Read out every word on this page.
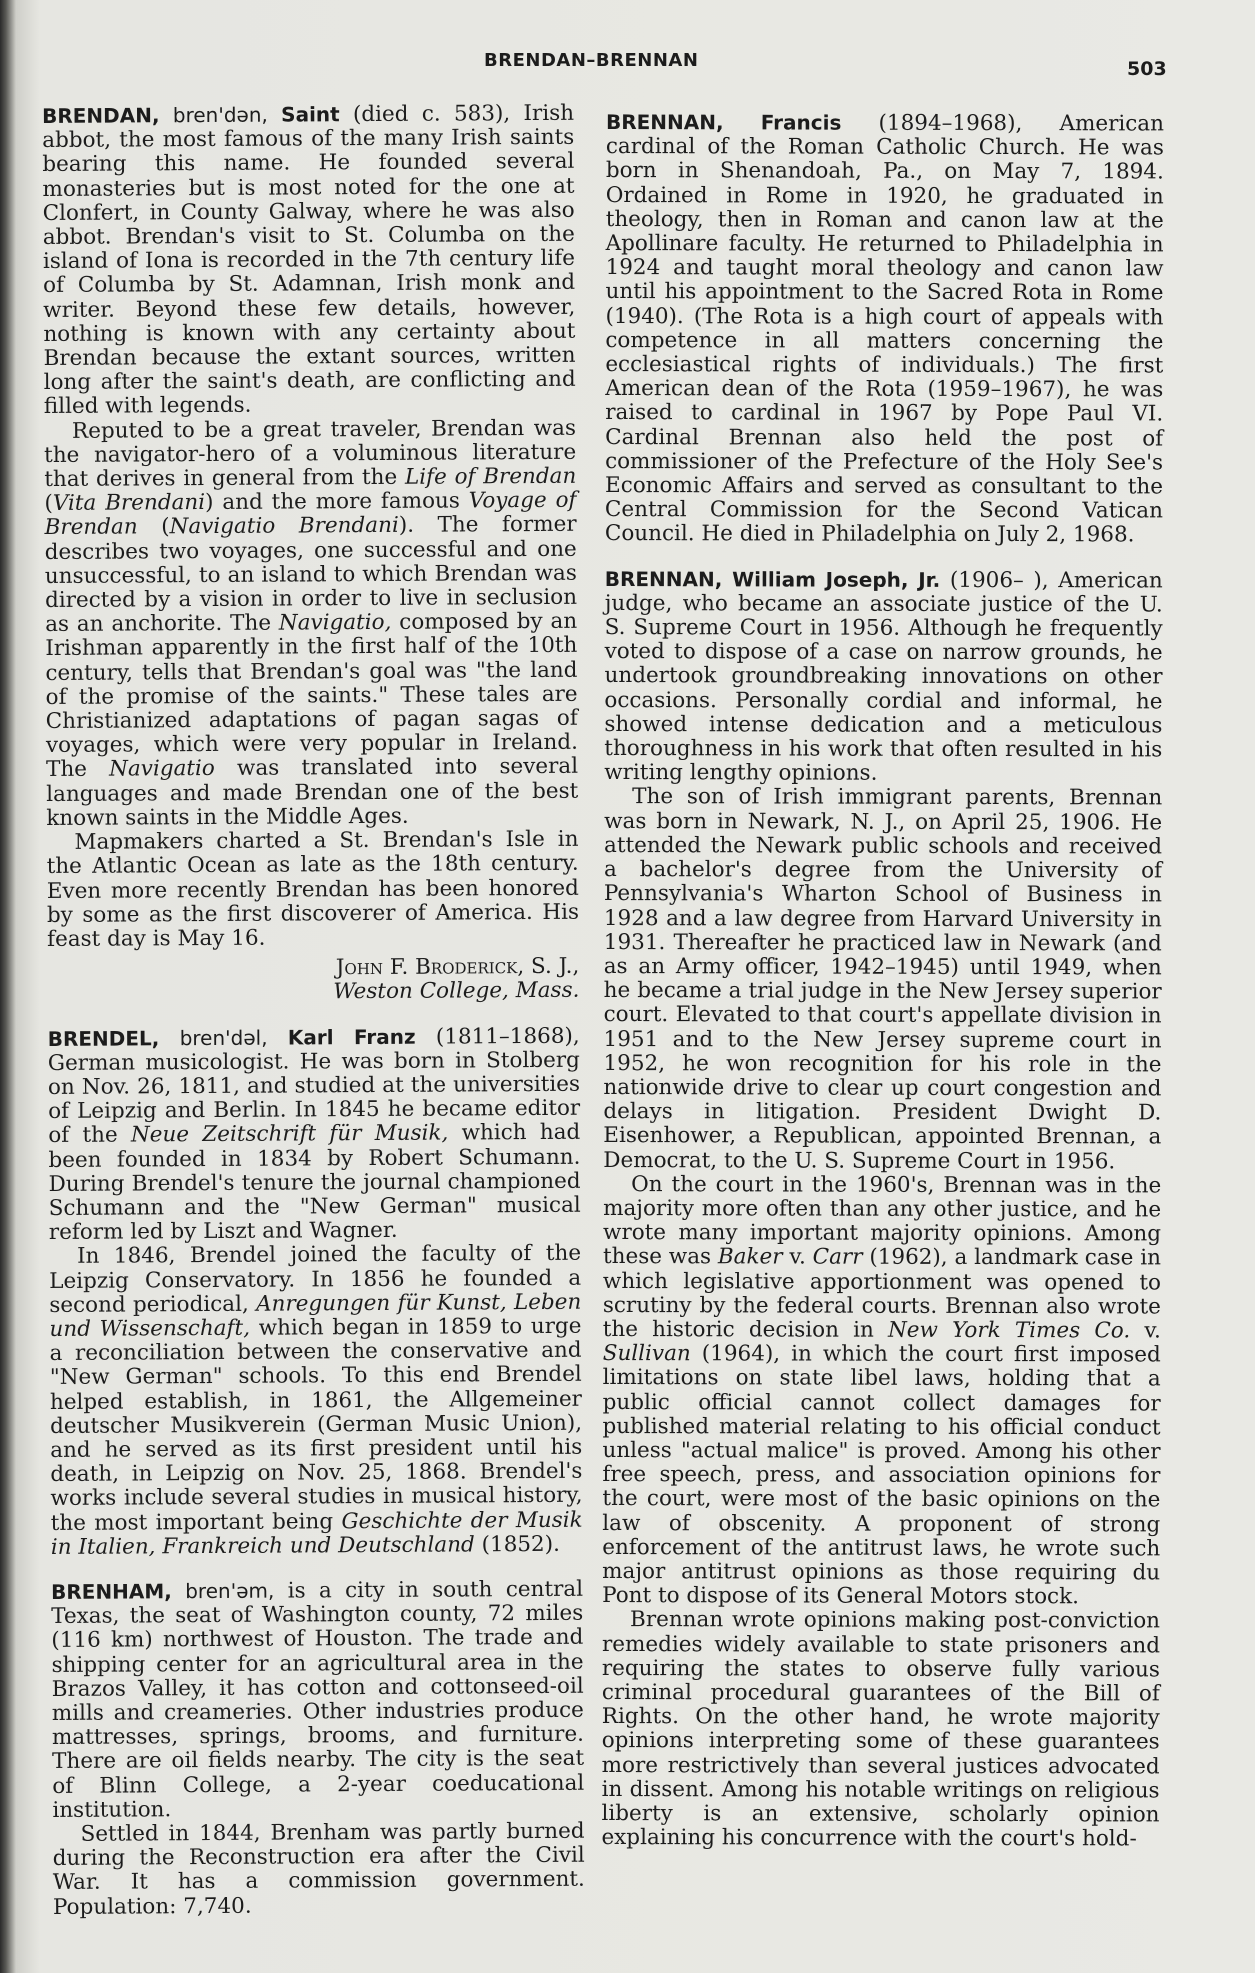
BRENDAN–BRENNAN	503

BRENDAN, bren'dən, Saint (died c. 583), Irish abbot, the most famous of the many Irish saints bearing this name. He founded several monasteries but is most noted for the one at Clonfert, in County Galway, where he was also abbot. Brendan's visit to St. Columba on the island of Iona is recorded in the 7th century life of Columba by St. Adamnan, Irish monk and writer. Beyond these few details, however, nothing is known with any certainty about Brendan because the extant sources, written long after the saint's death, are conflicting and filled with legends.

Reputed to be a great traveler, Brendan was the navigator-hero of a voluminous literature that derives in general from the Life of Brendan (Vita Brendani) and the more famous Voyage of Brendan (Navigatio Brendani). The former describes two voyages, one successful and one unsuccessful, to an island to which Brendan was directed by a vision in order to live in seclusion as an anchorite. The Navigatio, composed by an Irishman apparently in the first half of the 10th century, tells that Brendan's goal was "the land of the promise of the saints." These tales are Christianized adaptations of pagan sagas of voyages, which were very popular in Ireland. The Navigatio was translated into several languages and made Brendan one of the best known saints in the Middle Ages.

Mapmakers charted a St. Brendan's Isle in the Atlantic Ocean as late as the 18th century. Even more recently Brendan has been honored by some as the first discoverer of America. His feast day is May 16.

John F. Broderick, S. J.,
Weston College, Mass.

BRENDEL, bren'dəl, Karl Franz (1811–1868), German musicologist. He was born in Stolberg on Nov. 26, 1811, and studied at the universities of Leipzig and Berlin. In 1845 he became editor of the Neue Zeitschrift für Musik, which had been founded in 1834 by Robert Schumann. During Brendel's tenure the journal championed Schumann and the "New German" musical reform led by Liszt and Wagner.

In 1846, Brendel joined the faculty of the Leipzig Conservatory. In 1856 he founded a second periodical, Anregungen für Kunst, Leben und Wissenschaft, which began in 1859 to urge a reconciliation between the conservative and "New German" schools. To this end Brendel helped establish, in 1861, the Allgemeiner deutscher Musikverein (German Music Union), and he served as its first president until his death, in Leipzig on Nov. 25, 1868. Brendel's works include several studies in musical history, the most important being Geschichte der Musik in Italien, Frankreich und Deutschland (1852).

BRENHAM, bren'əm, is a city in south central Texas, the seat of Washington county, 72 miles (116 km) northwest of Houston. The trade and shipping center for an agricultural area in the Brazos Valley, it has cotton and cottonseed-oil mills and creameries. Other industries produce mattresses, springs, brooms, and furniture. There are oil fields nearby. The city is the seat of Blinn College, a 2-year coeducational institution.

Settled in 1844, Brenham was partly burned during the Reconstruction era after the Civil War. It has a commission government. Population: 7,740.

BRENNAN, Francis (1894–1968), American cardinal of the Roman Catholic Church. He was born in Shenandoah, Pa., on May 7, 1894. Ordained in Rome in 1920, he graduated in theology, then in Roman and canon law at the Apollinare faculty. He returned to Philadelphia in 1924 and taught moral theology and canon law until his appointment to the Sacred Rota in Rome (1940). (The Rota is a high court of appeals with competence in all matters concerning the ecclesiastical rights of individuals.) The first American dean of the Rota (1959–1967), he was raised to cardinal in 1967 by Pope Paul VI. Cardinal Brennan also held the post of commissioner of the Prefecture of the Holy See's Economic Affairs and served as consultant to the Central Commission for the Second Vatican Council. He died in Philadelphia on July 2, 1968.

BRENNAN, William Joseph, Jr. (1906– ), American judge, who became an associate justice of the U. S. Supreme Court in 1956. Although he frequently voted to dispose of a case on narrow grounds, he undertook groundbreaking innovations on other occasions. Personally cordial and informal, he showed intense dedication and a meticulous thoroughness in his work that often resulted in his writing lengthy opinions.

The son of Irish immigrant parents, Brennan was born in Newark, N. J., on April 25, 1906. He attended the Newark public schools and received a bachelor's degree from the University of Pennsylvania's Wharton School of Business in 1928 and a law degree from Harvard University in 1931. Thereafter he practiced law in Newark (and as an Army officer, 1942–1945) until 1949, when he became a trial judge in the New Jersey superior court. Elevated to that court's appellate division in 1951 and to the New Jersey supreme court in 1952, he won recognition for his role in the nationwide drive to clear up court congestion and delays in litigation. President Dwight D. Eisenhower, a Republican, appointed Brennan, a Democrat, to the U. S. Supreme Court in 1956.

On the court in the 1960's, Brennan was in the majority more often than any other justice, and he wrote many important majority opinions. Among these was Baker v. Carr (1962), a landmark case in which legislative apportionment was opened to scrutiny by the federal courts. Brennan also wrote the historic decision in New York Times Co. v. Sullivan (1964), in which the court first imposed limitations on state libel laws, holding that a public official cannot collect damages for published material relating to his official conduct unless "actual malice" is proved. Among his other free speech, press, and association opinions for the court, were most of the basic opinions on the law of obscenity. A proponent of strong enforcement of the antitrust laws, he wrote such major antitrust opinions as those requiring du Pont to dispose of its General Motors stock.

Brennan wrote opinions making post-conviction remedies widely available to state prisoners and requiring the states to observe fully various criminal procedural guarantees of the Bill of Rights. On the other hand, he wrote majority opinions interpreting some of these guarantees more restrictively than several justices advocated in dissent. Among his notable writings on religious liberty is an extensive, scholarly opinion explaining his concurrence with the court's hold-
